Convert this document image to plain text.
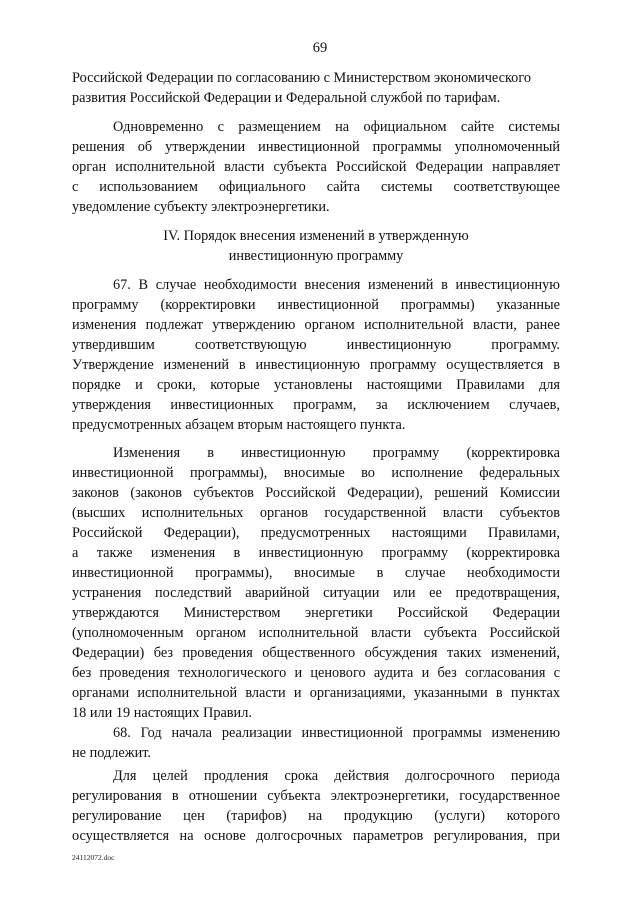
69
Российской Федерации по согласованию с Министерством экономического
развития Российской Федерации и Федеральной службой по тарифам.
Одновременно с размещением на официальном сайте системы
решения об утверждении инвестиционной программы уполномоченный
орган исполнительной власти субъекта Российской Федерации направляет
с использованием официального сайта системы соответствующее
уведомление субъекту электроэнергетики.
IV. Порядок внесения изменений в утвержденную
инвестиционную программу
67. В случае необходимости внесения изменений в инвестиционную
программу (корректировки инвестиционной программы) указанные
изменения подлежат утверждению органом исполнительной власти, ранее
утвердившим соответствующую инвестиционную программу.
Утверждение изменений в инвестиционную программу осуществляется в
порядке и сроки, которые установлены настоящими Правилами для
утверждения инвестиционных программ, за исключением случаев,
предусмотренных абзацем вторым настоящего пункта.
Изменения в инвестиционную программу (корректировка
инвестиционной программы), вносимые во исполнение федеральных
законов (законов субъектов Российской Федерации), решений Комиссии
(высших исполнительных органов государственной власти субъектов
Российской Федерации), предусмотренных настоящими Правилами,
а также изменения в инвестиционную программу (корректировка
инвестиционной программы), вносимые в случае необходимости
устранения последствий аварийной ситуации или ее предотвращения,
утверждаются Министерством энергетики Российской Федерации
(уполномоченным органом исполнительной власти субъекта Российской
Федерации) без проведения общественного обсуждения таких изменений,
без проведения технологического и ценового аудита и без согласования с
органами исполнительной власти и организациями, указанными в пунктах
18 или 19 настоящих Правил.
68. Год начала реализации инвестиционной программы изменению
не подлежит.
Для целей продления срока действия долгосрочного периода
регулирования в отношении субъекта электроэнергетики, государственное
регулирование цен (тарифов) на продукцию (услуги) которого
осуществляется на основе долгосрочных параметров регулирования, при
24112072.doc
